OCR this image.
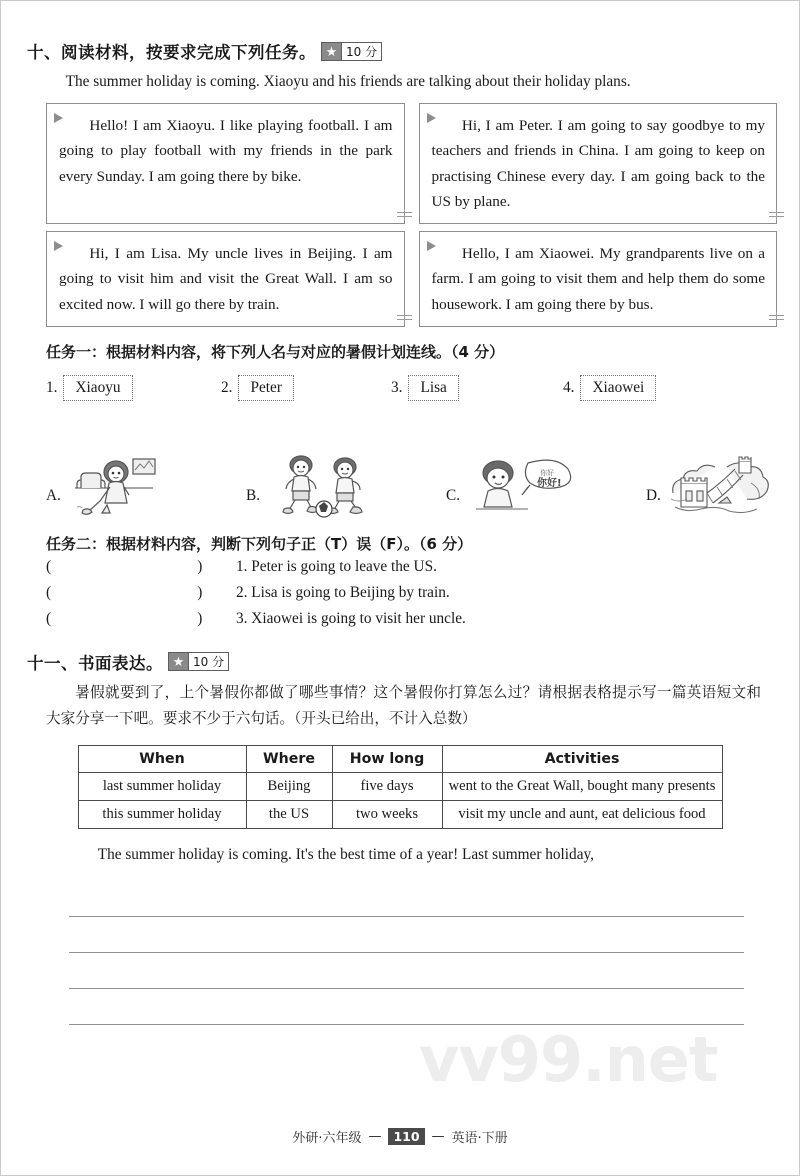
vv99.net
十、阅读材料，按要求完成下列任务。 ★ 10 分
The summer holiday is coming. Xiaoyu and his friends are talking about their holiday plans.
Hello! I am Xiaoyu. I like playing football. I am going to play football with my friends in the park every Sunday. I am going there by bike.
Hi, I am Peter. I am going to say goodbye to my teachers and friends in China. I am going to keep on practising Chinese every day. I am going back to the US by plane.
Hi, I am Lisa. My uncle lives in Beijing. I am going to visit him and visit the Great Wall. I am so excited now. I will go there by train.
Hello, I am Xiaowei. My grandparents live on a farm. I am going to visit them and help them do some housework. I am going there by bus.
任务一：根据材料内容，将下列人名与对应的暑假计划连线。（4 分）
1.	Xiaoyu	2.	Peter	3.	Lisa	4.	Xiaowei
A.	B.	C.
你好
你好!
D.
任务二：根据材料内容，判断下列句子正（T）误（F）。（6 分）
(   )1. Peter is going to leave the US.
(   )2. Lisa is going to Beijing by train.
(   )3. Xiaowei is going to visit her uncle.
十一、书面表达。 ★ 10 分
暑假就要到了，上个暑假你都做了哪些事情？这个暑假你打算怎么过？请根据表格提示写一篇英语短文和大家分享一下吧。要求不少于六句话。（开头已给出，不计入总数）
When	Where	How long	Activities
last summer holiday	Beijing	five days	went to the Great Wall, bought many presents
this summer holiday	the US	two weeks	visit my uncle and aunt, eat delicious food
The summer holiday is coming. It's the best time of a year! Last summer holiday,
外研·六年级 — 110 — 英语·下册
